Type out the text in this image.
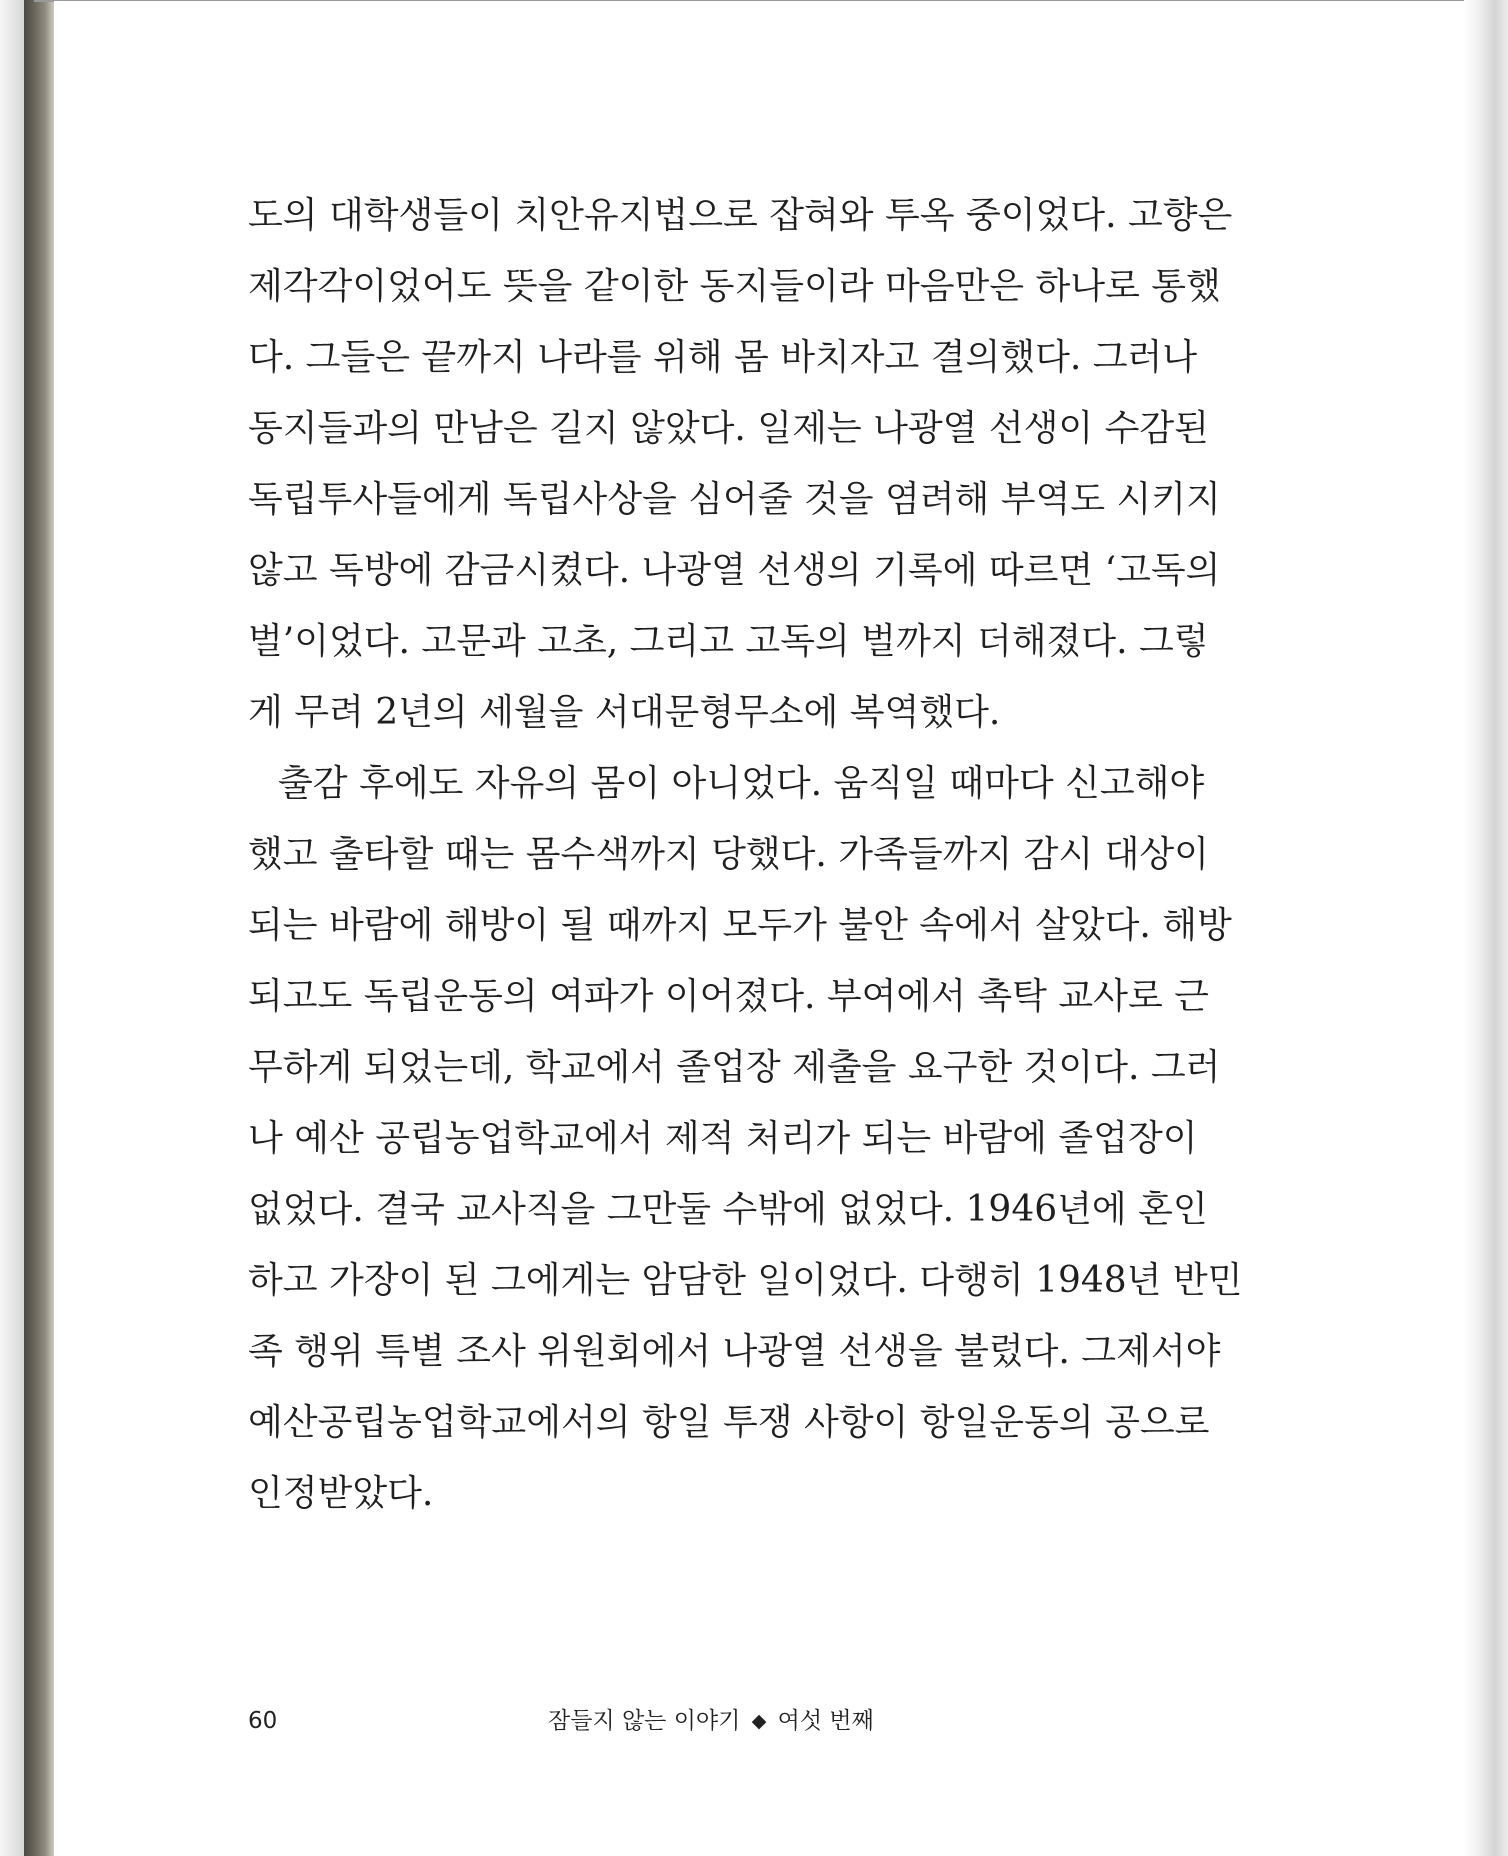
도의 대학생들이 치안유지법으로 잡혀와 투옥 중이었다. 고향은
제각각이었어도 뜻을 같이한 동지들이라 마음만은 하나로 통했
다. 그들은 끝까지 나라를 위해 몸 바치자고 결의했다. 그러나
동지들과의 만남은 길지 않았다. 일제는 나광열 선생이 수감된
독립투사들에게 독립사상을 심어줄 것을 염려해 부역도 시키지
않고 독방에 감금시켰다. 나광열 선생의 기록에 따르면 ‘고독의
벌’이었다. 고문과 고초, 그리고 고독의 벌까지 더해졌다. 그렇
게 무려 2년의 세월을 서대문형무소에 복역했다.
출감 후에도 자유의 몸이 아니었다. 움직일 때마다 신고해야
했고 출타할 때는 몸수색까지 당했다. 가족들까지 감시 대상이
되는 바람에 해방이 될 때까지 모두가 불안 속에서 살았다. 해방
되고도 독립운동의 여파가 이어졌다. 부여에서 촉탁 교사로 근
무하게 되었는데, 학교에서 졸업장 제출을 요구한 것이다. 그러
나 예산 공립농업학교에서 제적 처리가 되는 바람에 졸업장이
없었다. 결국 교사직을 그만둘 수밖에 없었다. 1946년에 혼인
하고 가장이 된 그에게는 암담한 일이었다. 다행히 1948년 반민
족 행위 특별 조사 위원회에서 나광열 선생을 불렀다. 그제서야
예산공립농업학교에서의 항일 투쟁 사항이 항일운동의 공으로
인정받았다.
60	잠들지 않는 이야기 ◆ 여섯 번째
